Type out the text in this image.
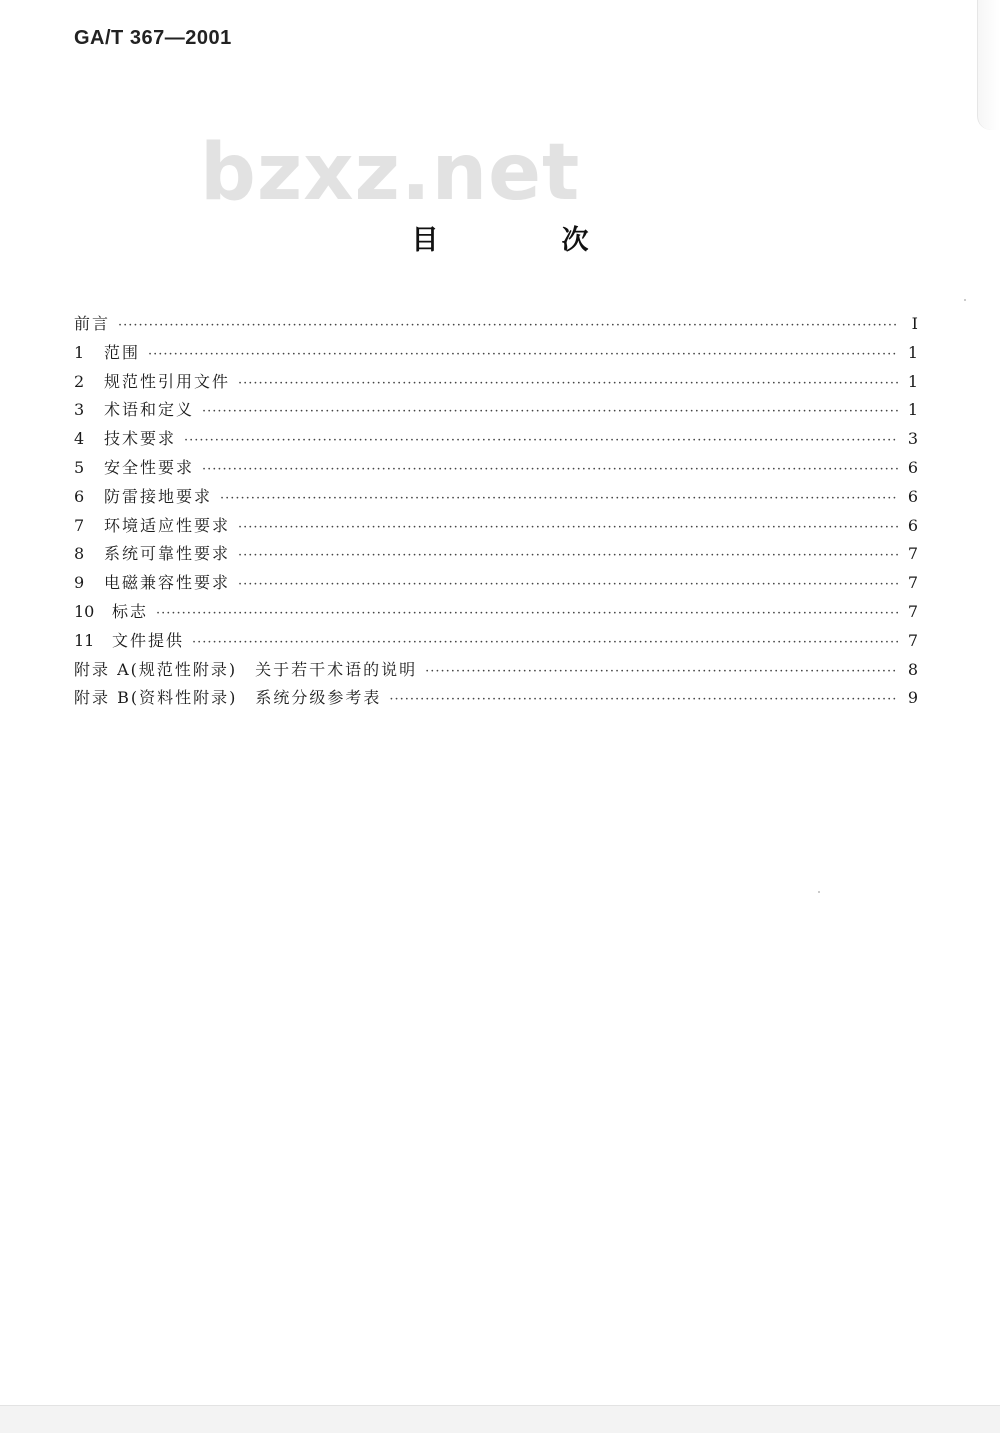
GA/T 367—2001
bzxz.net
目　次
前言 ·····	I
1	范围 ·····	1
2	规范性引用文件 ·····	1
3	术语和定义 ·····	1
4	技术要求 ·····	3
5	安全性要求 ·····	6
6	防雷接地要求 ·····	6
7	环境适应性要求 ·····	6
8	系统可靠性要求 ·····	7
9	电磁兼容性要求 ·····	7
10	标志 ·····	7
11	文件提供 ·····	7
附录 A(规范性附录)　关于若干术语的说明 ·····	8
附录 B(资料性附录)　系统分级参考表 ·····	9
